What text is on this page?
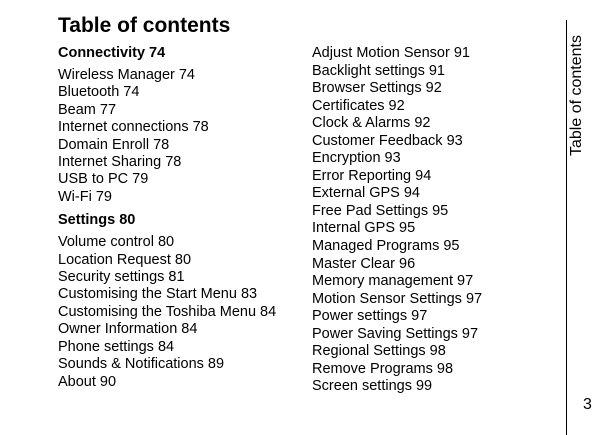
Table of contents
Connectivity 74
Wireless Manager 74
Bluetooth 74
Beam 77
Internet connections 78
Domain Enroll 78
Internet Sharing 78
USB to PC 79
Wi-Fi 79
Settings 80
Volume control 80
Location Request 80
Security settings 81
Customising the Start Menu 83
Customising the Toshiba Menu 84
Owner Information 84
Phone settings 84
Sounds & Notifications 89
About 90
Adjust Motion Sensor 91
Backlight settings 91
Browser Settings 92
Certificates 92
Clock & Alarms 92
Customer Feedback 93
Encryption 93
Error Reporting 94
External GPS 94
Free Pad Settings 95
Internal GPS 95
Managed Programs 95
Master Clear 96
Memory management 97
Motion Sensor Settings 97
Power settings 97
Power Saving Settings 97
Regional Settings 98
Remove Programs 98
Screen settings 99
Table of contents
3
